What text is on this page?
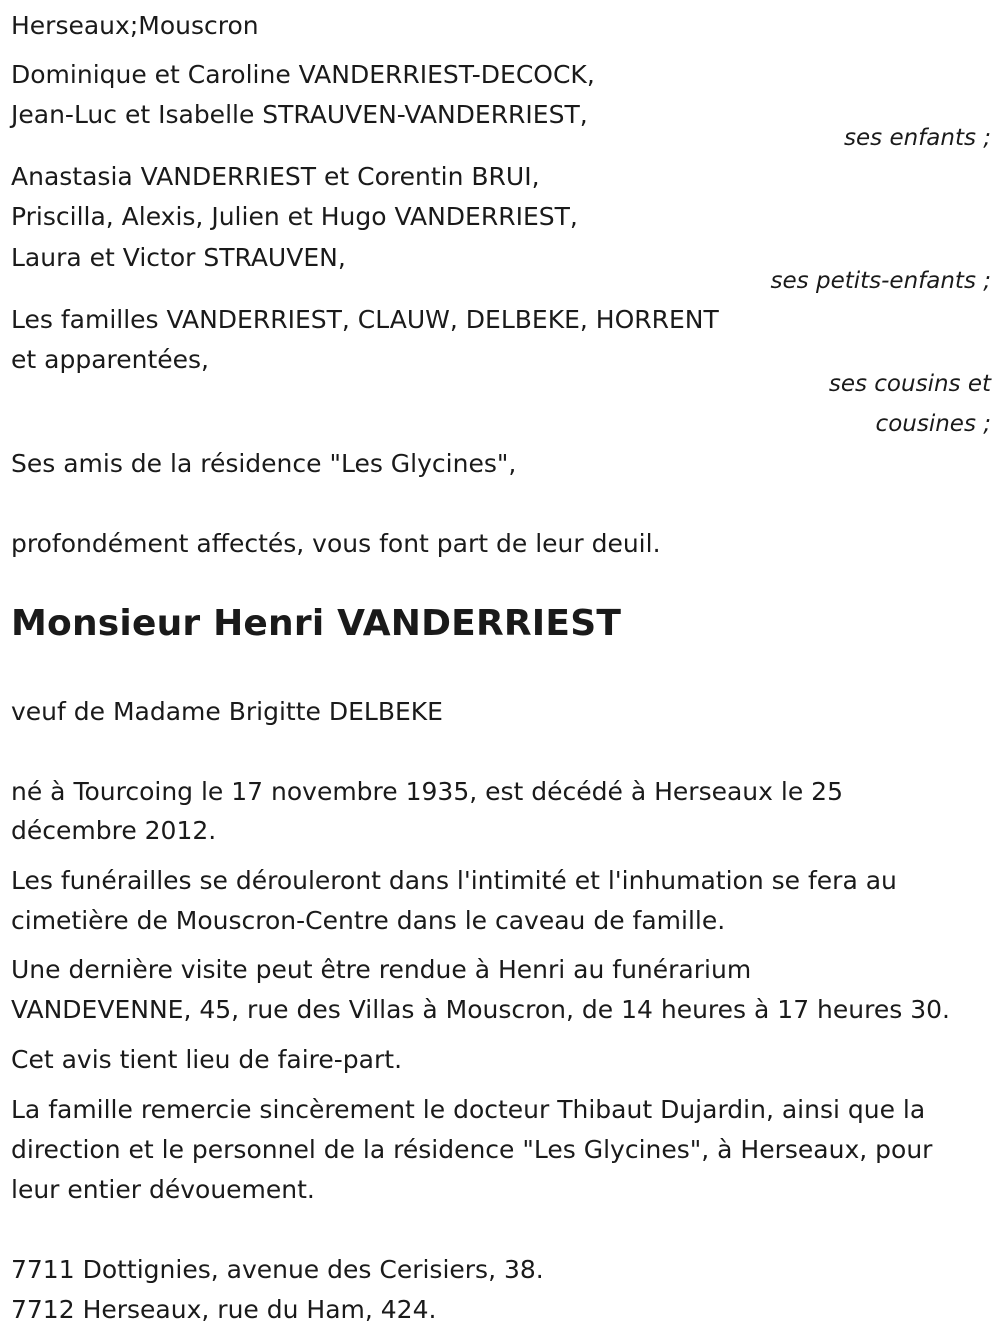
Herseaux;Mouscron
Dominique et Caroline VANDERRIEST-DECOCK,
Jean-Luc et Isabelle STRAUVEN-VANDERRIEST,
ses enfants ;
Anastasia VANDERRIEST et Corentin BRUI,
Priscilla, Alexis, Julien et Hugo VANDERRIEST,
Laura et Victor STRAUVEN,
ses petits-enfants ;
Les familles VANDERRIEST, CLAUW, DELBEKE, HORRENT
et apparentées,
ses cousins et
cousines ;
Ses amis de la résidence "Les Glycines",
profondément affectés, vous font part de leur deuil.
Monsieur Henri VANDERRIEST
veuf de Madame Brigitte DELBEKE
né à Tourcoing le 17 novembre 1935, est décédé à Herseaux le 25
décembre 2012.
Les funérailles se dérouleront dans l'intimité et l'inhumation se fera au
cimetière de Mouscron-Centre dans le caveau de famille.
Une dernière visite peut être rendue à Henri au funérarium
VANDEVENNE, 45, rue des Villas à Mouscron, de 14 heures à 17 heures 30.
Cet avis tient lieu de faire-part.
La famille remercie sincèrement le docteur Thibaut Dujardin, ainsi que la
direction et le personnel de la résidence "Les Glycines", à Herseaux, pour
leur entier dévouement.
7711 Dottignies, avenue des Cerisiers, 38.
7712 Herseaux, rue du Ham, 424.
